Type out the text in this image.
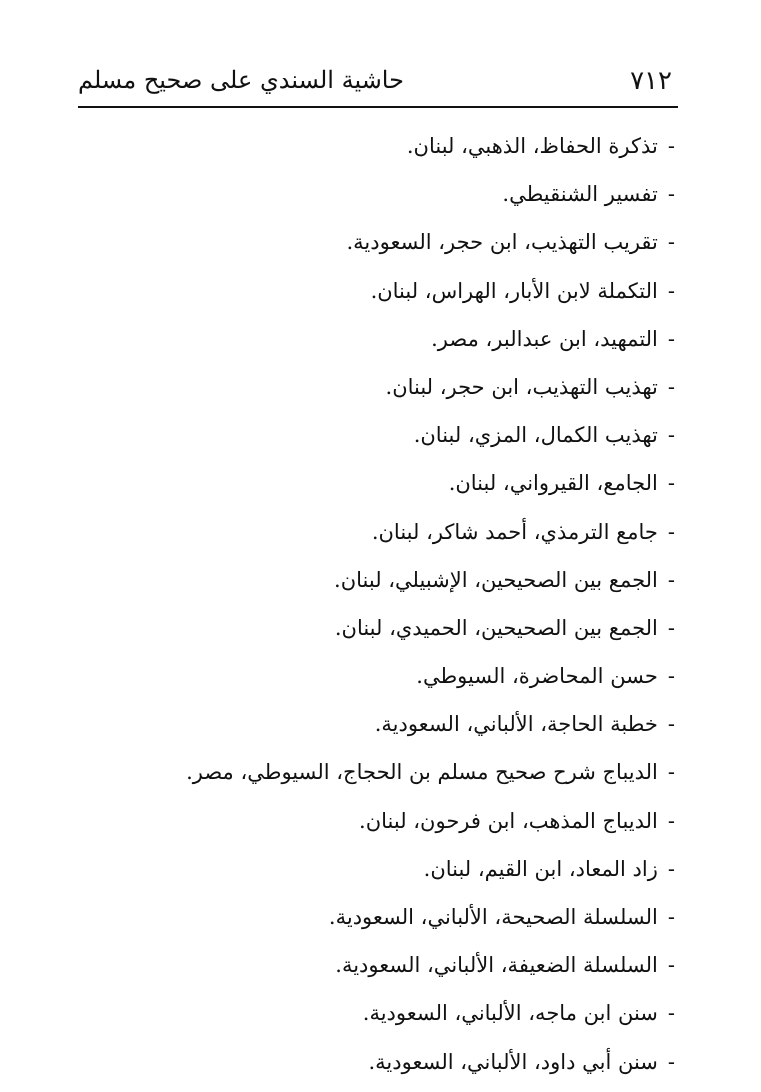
٧١٢
حاشية السندي على صحيح مسلم
-تذكرة الحفاظ، الذهبي، لبنان.
-تفسير الشنقيطي.
-تقريب التهذيب، ابن حجر، السعودية.
-التكملة لابن الأبار، الهراس، لبنان.
-التمهيد، ابن عبدالبر، مصر.
-تهذيب التهذيب، ابن حجر، لبنان.
-تهذيب الكمال، المزي، لبنان.
-الجامع، القيرواني، لبنان.
-جامع الترمذي، أحمد شاكر، لبنان.
-الجمع بين الصحيحين، الإشبيلي، لبنان.
-الجمع بين الصحيحين، الحميدي، لبنان.
-حسن المحاضرة، السيوطي.
-خطبة الحاجة، الألباني، السعودية.
-الديباج شرح صحيح مسلم بن الحجاج، السيوطي، مصر.
-الديباج المذهب، ابن فرحون، لبنان.
-زاد المعاد، ابن القيم، لبنان.
-السلسلة الصحيحة، الألباني، السعودية.
-السلسلة الضعيفة، الألباني، السعودية.
-سنن ابن ماجه، الألباني، السعودية.
-سنن أبي داود، الألباني، السعودية.
